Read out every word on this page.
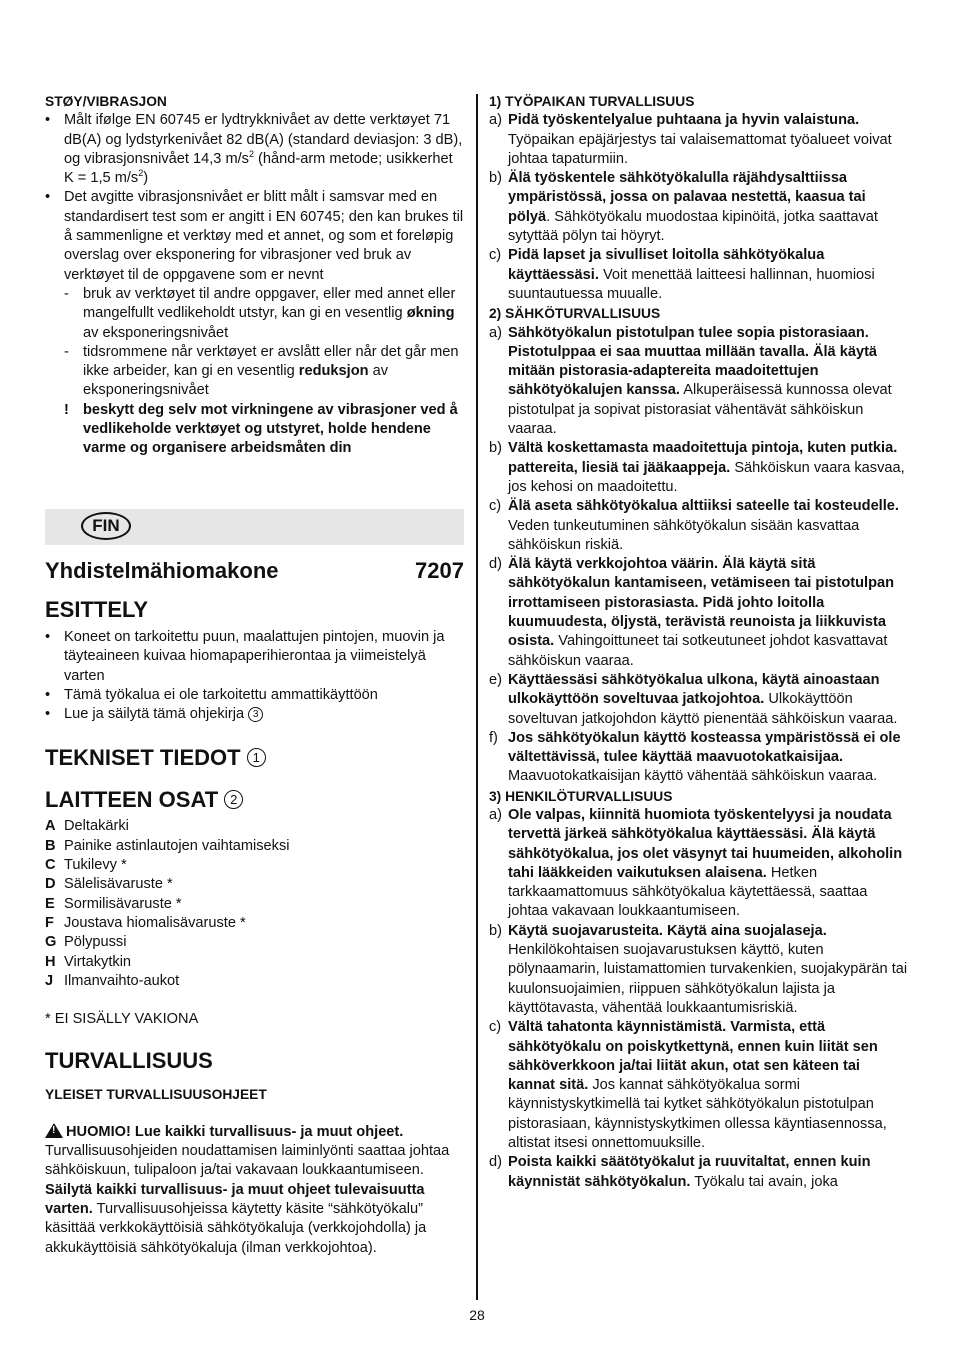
STØY/VIBRASJON
• Målt ifølge EN 60745 er lydtrykknivået av dette verktøyet 71 dB(A) og lydstyrkenivået 82 dB(A) (standard deviasjon: 3 dB), og vibrasjonsnivået 14,3 $m/s^2$ (hånd-arm metode; usikkerhet K = 1,5 $m/s^2$)
• Det avgitte vibrasjonsnivået er blitt målt i samsvar med en standardisert test som er angitt i EN 60745; den kan brukes til å sammenligne et verktøy med et annet, og som et foreløpig overslag over eksponering for vibrasjoner ved bruk av verktøyet til de oppgavene som er nevnt
- bruk av verktøyet til andre oppgaver, eller med annet eller mangelfullt vedlikeholdt utstyr, kan gi en vesentlig økning av eksponeringsnivået
- tidsrommene når verktøyet er avslått eller når det går men ikke arbeider, kan gi en vesentlig reduksjon av eksponeringsnivået
! beskytt deg selv mot virkningene av vibrasjoner ved å vedlikeholde verktøyet og utstyret, holde hendene varme og organisere arbeidsmåten din
FIN
Yhdistelmähiomakone	7207
ESITTELY
• Koneet on tarkoitettu puun, maalattujen pintojen, muovin ja täyteaineen kuivaa hiomapaperihierontaa ja viimeistelyä varten
• Tämä työkalua ei ole tarkoitettu ammattikäyttöön
• Lue ja säilytä tämä ohjekirja 3
TEKNISET TIEDOT 1
LAITTEEN OSAT 2
A Deltakärki
B Painike astinlautojen vaihtamiseksi
C Tukilevy *
D Sälelisävaruste *
E Sormilisävaruste *
F Joustava hiomalisävaruste *
G Pölypussi
H Virtakytkin
J Ilmanvaihto-aukot

* EI SISÄLLY VAKIONA

TURVALLISUUS
YLEISET TURVALLISUUSOHJEET

! HUOMIO! Lue kaikki turvallisuus- ja muut ohjeet. Turvallisuusohjeiden noudattamisen laiminlyönti saattaa johtaa sähköiskuun, tulipaloon ja/tai vakavaan loukkaantumiseen. Säilytä kaikki turvallisuus- ja muut ohjeet tulevaisuutta varten. Turvallisuusohjeissa käytetty käsite “sähkötyökalu” käsittää verkkokäyttöisiä sähkötyökaluja (verkkojohdolla) ja akkukäyttöisiä sähkötyökaluja (ilman verkkojohtoa).

1) TYÖPAIKAN TURVALLISUUS
a) Pidä työskentelyalue puhtaana ja hyvin valaistuna. Työpaikan epäjärjestys tai valaisemattomat työalueet voivat johtaa tapaturmiin.
b) Älä työskentele sähkötyökalulla räjähdysalttiissa ympäristössä, jossa on palavaa nestettä, kaasua tai pölyä. Sähkötyökalu muodostaa kipinöitä, jotka saattavat sytyttää pölyn tai höyryt.
c) Pidä lapset ja sivulliset loitolla sähkötyökalua käyttäessäsi. Voit menettää laitteesi hallinnan, huomiosi suuntautuessa muualle.
2) SÄHKÖTURVALLISUUS
a) Sähkötyökalun pistotulpan tulee sopia pistorasiaan. Pistotulppaa ei saa muuttaa millään tavalla. Älä käytä mitään pistorasia-adaptereita maadoitettujen sähkötyökalujen kanssa. Alkuperäisessä kunnossa olevat pistotulpat ja sopivat pistorasiat vähentävät sähköiskun vaaraa.
b) Vältä koskettamasta maadoitettuja pintoja, kuten putkia. pattereita, liesiä tai jääkaappeja. Sähköiskun vaara kasvaa, jos kehosi on maadoitettu.
c) Älä aseta sähkötyökalua alttiiksi sateelle tai kosteudelle. Veden tunkeutuminen sähkötyökalun sisään kasvattaa sähköiskun riskiä.
d) Älä käytä verkkojohtoa väärin. Älä käytä sitä sähkötyökalun kantamiseen, vetämiseen tai pistotulpan irrottamiseen pistorasiasta. Pidä johto loitolla kuumuudesta, öljystä, terävistä reunoista ja liikkuvista osista. Vahingoittuneet tai sotkeutuneet johdot kasvattavat sähköiskun vaaraa.
e) Käyttäessäsi sähkötyökalua ulkona, käytä ainoastaan ulkokäyttöön soveltuvaa jatkojohtoa. Ulkokäyttöön soveltuvan jatkojohdon käyttö pienentää sähköiskun vaaraa.
f) Jos sähkötyökalun käyttö kosteassa ympäristössä ei ole vältettävissä, tulee käyttää maavuotokatkaisijaa. Maavuotokatkaisijan käyttö vähentää sähköiskun vaaraa.
3) HENKILÖTURVALLISUUS
a) Ole valpas, kiinnitä huomiota työskentelyysi ja noudata tervettä järkeä sähkötyökalua käyttäessäsi. Älä käytä sähkötyökalua, jos olet väsynyt tai huumeiden, alkoholin tahi lääkkeiden vaikutuksen alaisena. Hetken tarkkaamattomuus sähkötyökalua käytettäessä, saattaa johtaa vakavaan loukkaantumiseen.
b) Käytä suojavarusteita. Käytä aina suojalaseja. Henkilökohtaisen suojavarustuksen käyttö, kuten pölynaamarin, luistamattomien turvakenkien, suojakypärän tai kuulonsuojaimien, riippuen sähkötyökalun lajista ja käyttötavasta, vähentää loukkaantumisriskiä.
c) Vältä tahatonta käynnistämistä. Varmista, että sähkötyökalu on poiskytkettynä, ennen kuin liität sen sähköverkkoon ja/tai liität akun, otat sen käteen tai kannat sitä. Jos kannat sähkötyökalua sormi käynnistyskytkimellä tai kytket sähkötyökalun pistotulpan pistorasiaan, käynnistyskytkimen ollessa käyntiasennossa, altistat itsesi onnettomuuksille.
d) Poista kaikki säätötyökalut ja ruuvitaltat, ennen kuin käynnistät sähkötyökalun. Työkalu tai avain, joka
28
